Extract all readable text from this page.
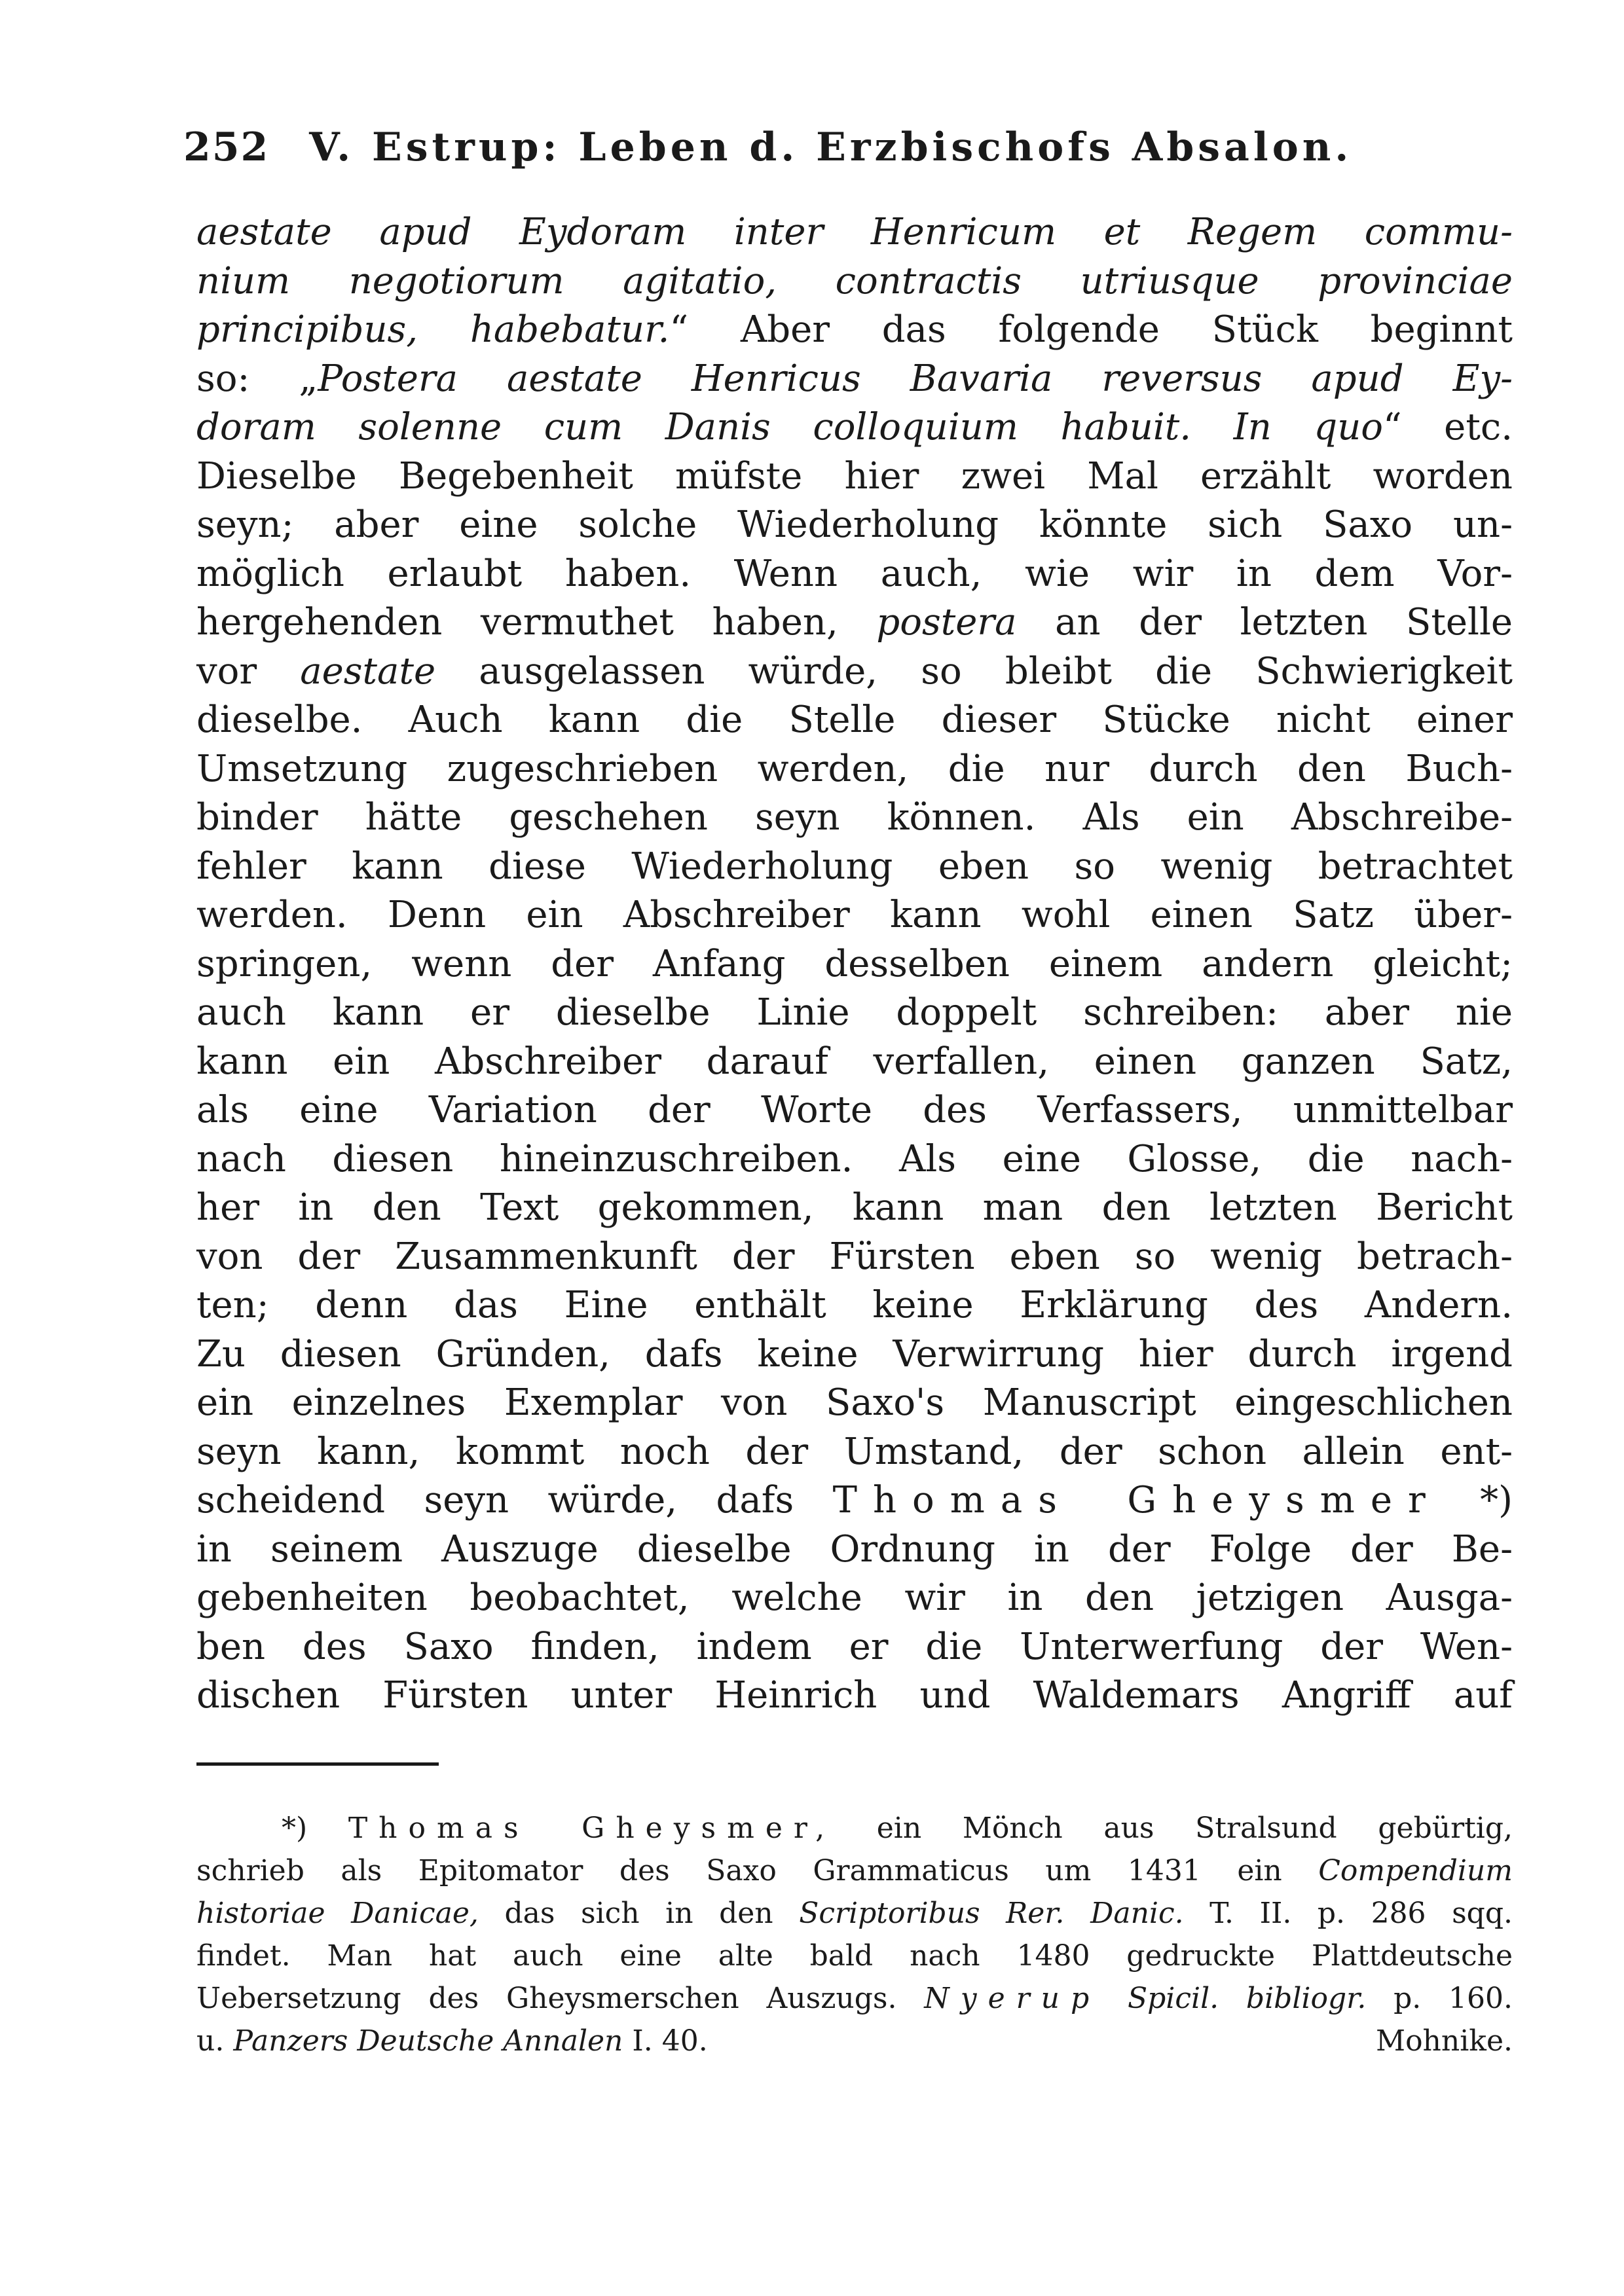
252 V. Estrup: Leben d. Erzbischofs Absalon.
aestate apud Eydoram inter Henricum et Regem commu-
nium negotiorum agitatio, contractis utriusque provinciae
principibus, habebatur.“ Aber das folgende Stück beginnt
so: „Postera aestate Henricus Bavaria reversus apud Ey-
doram solenne cum Danis colloquium habuit. In quo“ etc.
Dieselbe Begebenheit müfste hier zwei Mal erzählt worden
seyn; aber eine solche Wiederholung könnte sich Saxo un-
möglich erlaubt haben. Wenn auch, wie wir in dem Vor-
hergehenden vermuthet haben, postera an der letzten Stelle
vor aestate ausgelassen würde, so bleibt die Schwierigkeit
dieselbe. Auch kann die Stelle dieser Stücke nicht einer
Umsetzung zugeschrieben werden, die nur durch den Buch-
binder hätte geschehen seyn können. Als ein Abschreibe-
fehler kann diese Wiederholung eben so wenig betrachtet
werden. Denn ein Abschreiber kann wohl einen Satz über-
springen, wenn der Anfang desselben einem andern gleicht;
auch kann er dieselbe Linie doppelt schreiben: aber nie
kann ein Abschreiber darauf verfallen, einen ganzen Satz,
als eine Variation der Worte des Verfassers, unmittelbar
nach diesen hineinzuschreiben. Als eine Glosse, die nach-
her in den Text gekommen, kann man den letzten Bericht
von der Zusammenkunft der Fürsten eben so wenig betrach-
ten; denn das Eine enthält keine Erklärung des Andern.
Zu diesen Gründen, dafs keine Verwirrung hier durch irgend
ein einzelnes Exemplar von Saxo's Manuscript eingeschlichen
seyn kann, kommt noch der Umstand, der schon allein ent-
scheidend seyn würde, dafs Thomas Gheysmer *)
in seinem Auszuge dieselbe Ordnung in der Folge der Be-
gebenheiten beobachtet, welche wir in den jetzigen Ausga-
ben des Saxo finden, indem er die Unterwerfung der Wen-
dischen Fürsten unter Heinrich und Waldemars Angriff auf
*) Thomas Gheysmer, ein Mönch aus Stralsund gebürtig,
schrieb als Epitomator des Saxo Grammaticus um 1431 ein Compendium
historiae Danicae, das sich in den Scriptoribus Rer. Danic. T. II. p. 286 sqq.
findet. Man hat auch eine alte bald nach 1480 gedruckte Plattdeutsche
Uebersetzung des Gheysmerschen Auszugs. Nyerup Spicil. bibliogr. p. 160.
u. Panzers Deutsche Annalen I. 40.	Mohnike.
